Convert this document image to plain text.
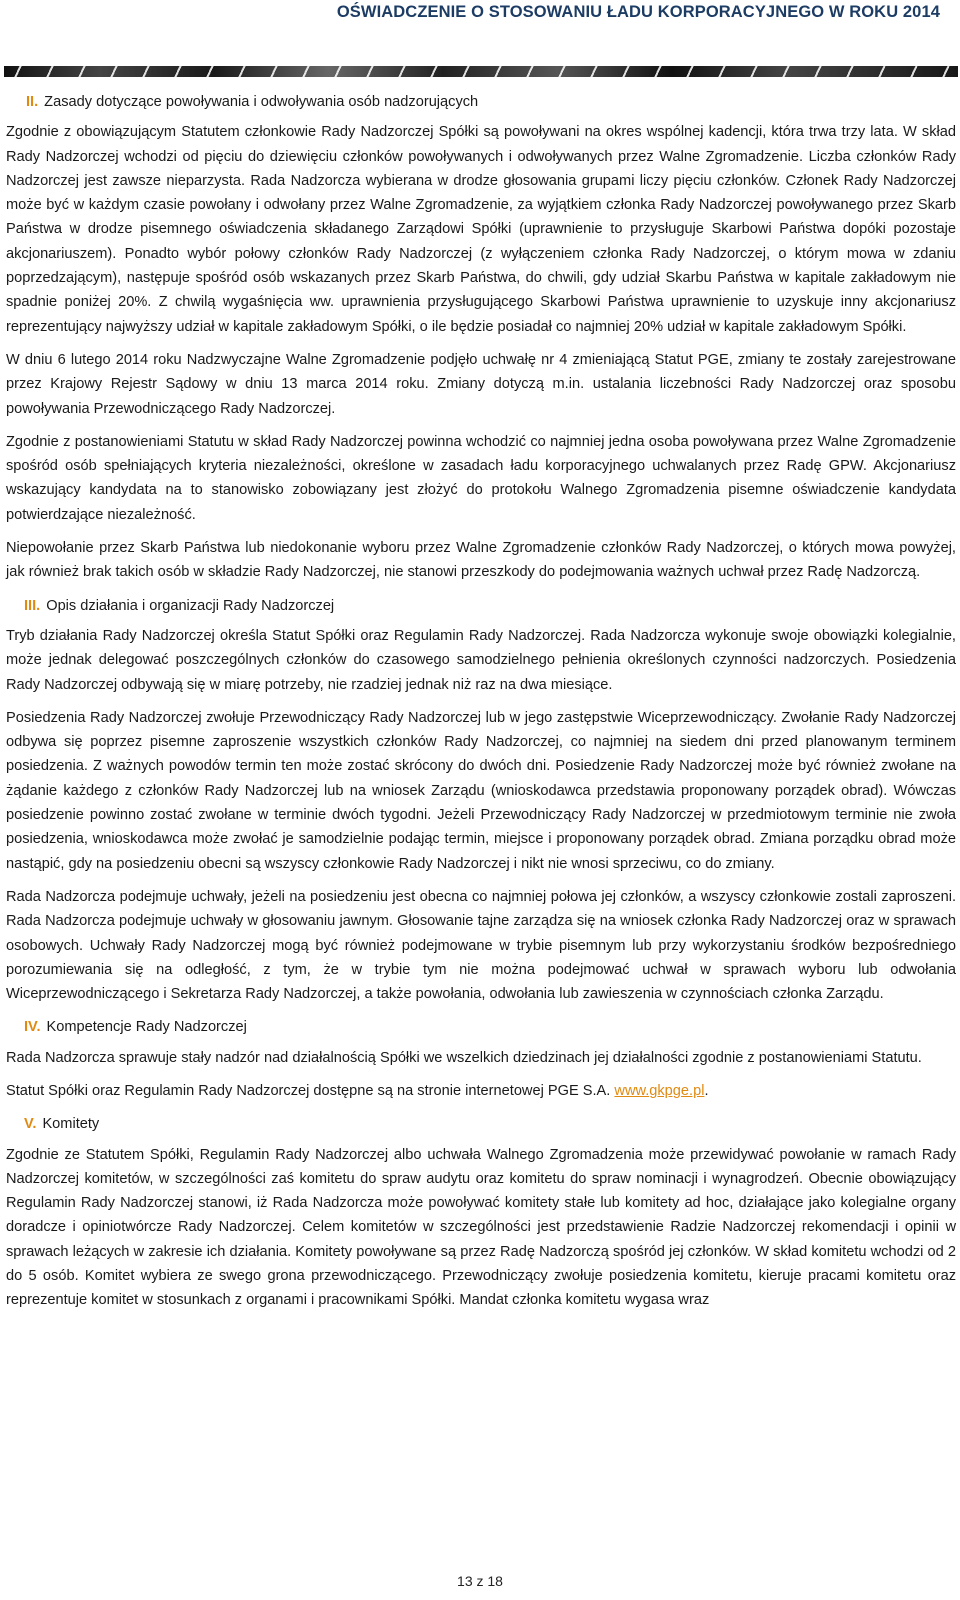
OŚWIADCZENIE O STOSOWANIU ŁADU KORPORACYJNEGO W ROKU 2014
II. Zasady dotyczące powoływania i odwoływania osób nadzorujących

Zgodnie z obowiązującym Statutem członkowie Rady Nadzorczej Spółki są powoływani na okres wspólnej kadencji, która trwa trzy lata. W skład Rady Nadzorczej wchodzi od pięciu do dziewięciu członków powoływanych i odwoływanych przez Walne Zgromadzenie. Liczba członków Rady Nadzorczej jest zawsze nieparzysta. Rada Nadzorcza wybierana w drodze głosowania grupami liczy pięciu członków. Członek Rady Nadzorczej może być w każdym czasie powołany i odwołany przez Walne Zgromadzenie, za wyjątkiem członka Rady Nadzorczej powoływanego przez Skarb Państwa w drodze pisemnego oświadczenia składanego Zarządowi Spółki (uprawnienie to przysługuje Skarbowi Państwa dopóki pozostaje akcjonariuszem). Ponadto wybór połowy członków Rady Nadzorczej (z wyłączeniem członka Rady Nadzorczej, o którym mowa w zdaniu poprzedzającym), następuje spośród osób wskazanych przez Skarb Państwa, do chwili, gdy udział Skarbu Państwa w kapitale zakładowym nie spadnie poniżej 20%. Z chwilą wygaśnięcia ww. uprawnienia przysługującego Skarbowi Państwa uprawnienie to uzyskuje inny akcjonariusz reprezentujący najwyższy udział w kapitale zakładowym Spółki, o ile będzie posiadał co najmniej 20% udział w kapitale zakładowym Spółki.

W dniu 6 lutego 2014 roku Nadzwyczajne Walne Zgromadzenie podjęło uchwałę nr 4 zmieniającą Statut PGE, zmiany te zostały zarejestrowane przez Krajowy Rejestr Sądowy w dniu 13 marca 2014 roku. Zmiany dotyczą m.in. ustalania liczebności Rady Nadzorczej oraz sposobu powoływania Przewodniczącego Rady Nadzorczej.

Zgodnie z postanowieniami Statutu w skład Rady Nadzorczej powinna wchodzić co najmniej jedna osoba powoływana przez Walne Zgromadzenie spośród osób spełniających kryteria niezależności, określone w zasadach ładu korporacyjnego uchwalanych przez Radę GPW. Akcjonariusz wskazujący kandydata na to stanowisko zobowiązany jest złożyć do protokołu Walnego Zgromadzenia pisemne oświadczenie kandydata potwierdzające niezależność.

Niepowołanie przez Skarb Państwa lub niedokonanie wyboru przez Walne Zgromadzenie członków Rady Nadzorczej, o których mowa powyżej, jak również brak takich osób w składzie Rady Nadzorczej, nie stanowi przeszkody do podejmowania ważnych uchwał przez Radę Nadzorczą.

III. Opis działania i organizacji Rady Nadzorczej

Tryb działania Rady Nadzorczej określa Statut Spółki oraz Regulamin Rady Nadzorczej. Rada Nadzorcza wykonuje swoje obowiązki kolegialnie, może jednak delegować poszczególnych członków do czasowego samodzielnego pełnienia określonych czynności nadzorczych. Posiedzenia Rady Nadzorczej odbywają się w miarę potrzeby, nie rzadziej jednak niż raz na dwa miesiące.

Posiedzenia Rady Nadzorczej zwołuje Przewodniczący Rady Nadzorczej lub w jego zastępstwie Wiceprzewodniczący. Zwołanie Rady Nadzorczej odbywa się poprzez pisemne zaproszenie wszystkich członków Rady Nadzorczej, co najmniej na siedem dni przed planowanym terminem posiedzenia. Z ważnych powodów termin ten może zostać skrócony do dwóch dni. Posiedzenie Rady Nadzorczej może być również zwołane na żądanie każdego z członków Rady Nadzorczej lub na wniosek Zarządu (wnioskodawca przedstawia proponowany porządek obrad). Wówczas posiedzenie powinno zostać zwołane w terminie dwóch tygodni. Jeżeli Przewodniczący Rady Nadzorczej w przedmiotowym terminie nie zwoła posiedzenia, wnioskodawca może zwołać je samodzielnie podając termin, miejsce i proponowany porządek obrad. Zmiana porządku obrad może nastąpić, gdy na posiedzeniu obecni są wszyscy członkowie Rady Nadzorczej i nikt nie wnosi sprzeciwu, co do zmiany.

Rada Nadzorcza podejmuje uchwały, jeżeli na posiedzeniu jest obecna co najmniej połowa jej członków, a wszyscy członkowie zostali zaproszeni. Rada Nadzorcza podejmuje uchwały w głosowaniu jawnym. Głosowanie tajne zarządza się na wniosek członka Rady Nadzorczej oraz w sprawach osobowych. Uchwały Rady Nadzorczej mogą być również podejmowane w trybie pisemnym lub przy wykorzystaniu środków bezpośredniego porozumiewania się na odległość, z tym, że w trybie tym nie można podejmować uchwał w sprawach wyboru lub odwołania Wiceprzewodniczącego i Sekretarza Rady Nadzorczej, a także powołania, odwołania lub zawieszenia w czynnościach członka Zarządu.

IV. Kompetencje Rady Nadzorczej

Rada Nadzorcza sprawuje stały nadzór nad działalnością Spółki we wszelkich dziedzinach jej działalności zgodnie z postanowieniami Statutu.

Statut Spółki oraz Regulamin Rady Nadzorczej dostępne są na stronie internetowej PGE S.A. www.gkpge.pl.

V. Komitety

Zgodnie ze Statutem Spółki, Regulamin Rady Nadzorczej albo uchwała Walnego Zgromadzenia może przewidywać powołanie w ramach Rady Nadzorczej komitetów, w szczególności zaś komitetu do spraw audytu oraz komitetu do spraw nominacji i wynagrodzeń. Obecnie obowiązujący Regulamin Rady Nadzorczej stanowi, iż Rada Nadzorcza może powoływać komitety stałe lub komitety ad hoc, działające jako kolegialne organy doradcze i opiniotwórcze Rady Nadzorczej. Celem komitetów w szczególności jest przedstawienie Radzie Nadzorczej rekomendacji i opinii w sprawach leżących w zakresie ich działania. Komitety powoływane są przez Radę Nadzorczą spośród jej członków. W skład komitetu wchodzi od 2 do 5 osób. Komitet wybiera ze swego grona przewodniczącego. Przewodniczący zwołuje posiedzenia komitetu, kieruje pracami komitetu oraz reprezentuje komitet w stosunkach z organami i pracownikami Spółki. Mandat członka komitetu wygasa wraz

13 z 18
